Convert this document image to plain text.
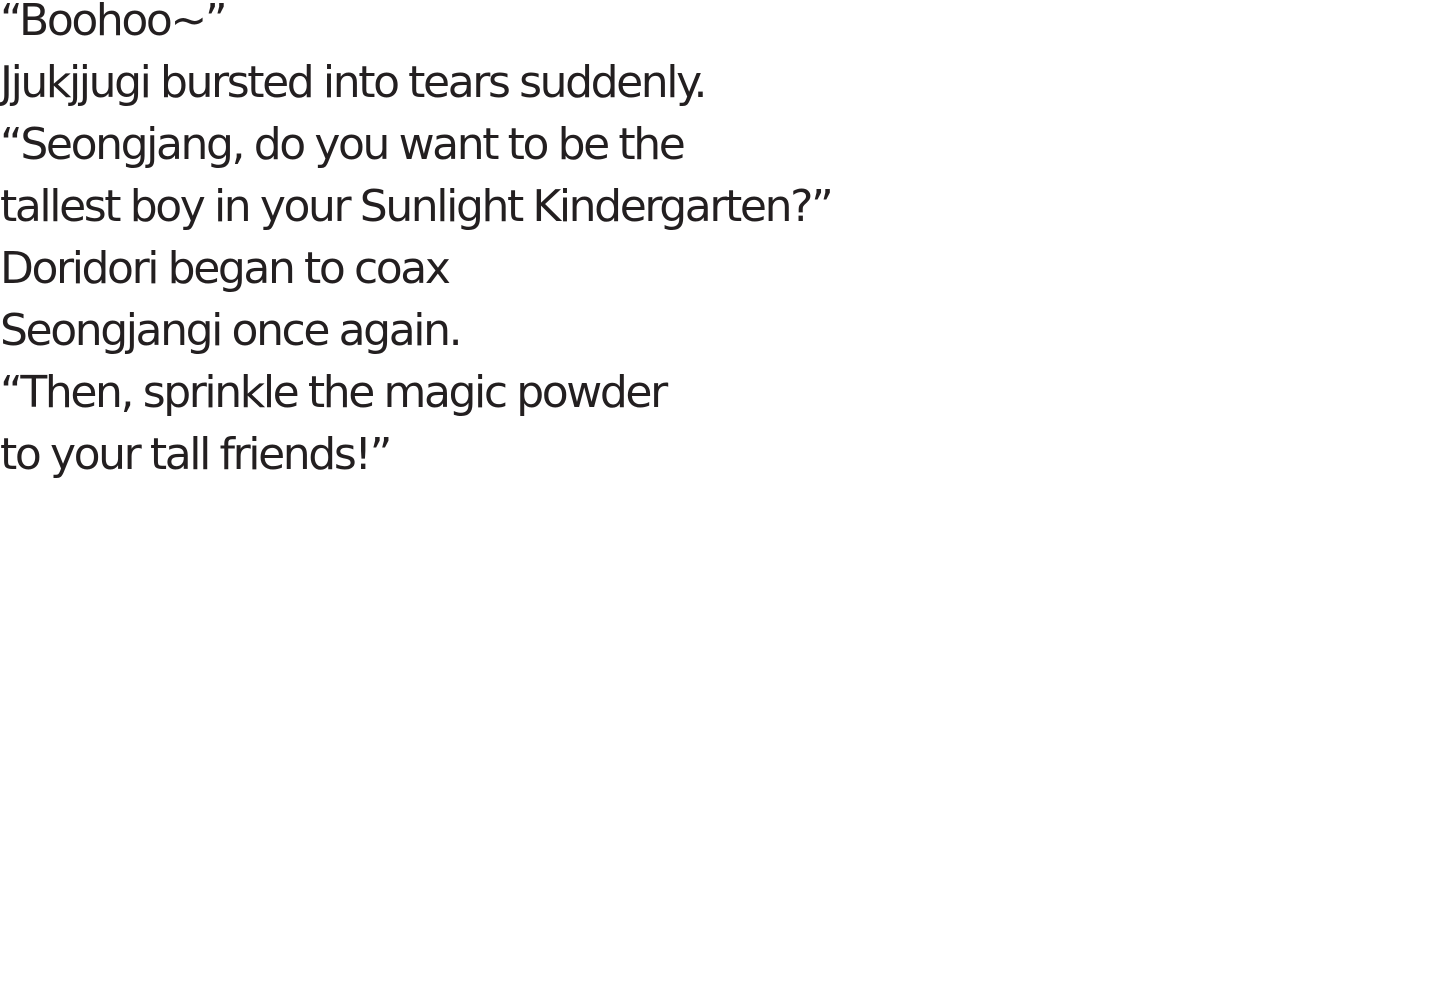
“Boohoo~”
Jjukjjugi bursted into tears suddenly.
“Seongjang, do you want to be the
tallest boy in your Sunlight Kindergarten?”
Doridori began to coax
Seongjangi once again.
“Then, sprinkle the magic powder
to your tall friends!”
